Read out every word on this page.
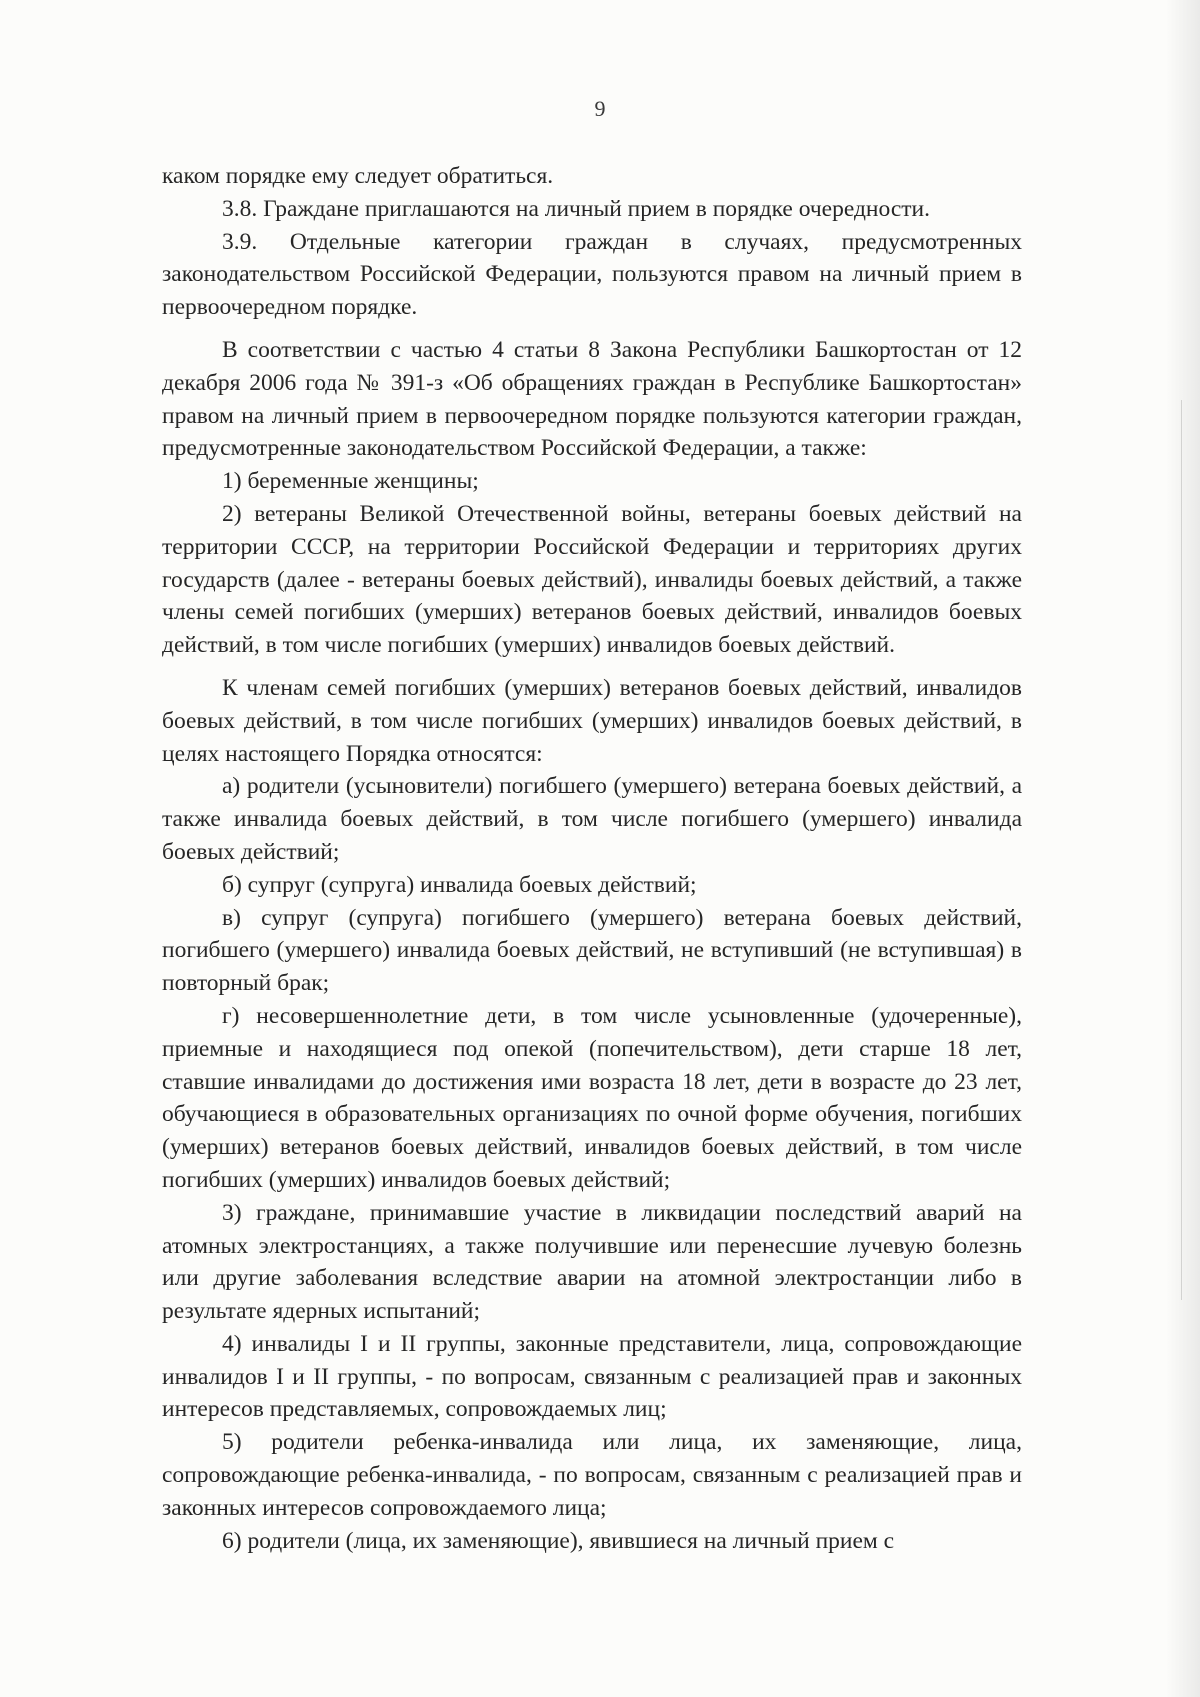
9

каком порядке ему следует обратиться.

3.8. Граждане приглашаются на личный прием в порядке очередности.

3.9. Отдельные категории граждан в случаях, предусмотренных законодательством Российской Федерации, пользуются правом на личный прием в первоочередном порядке.

В соответствии с частью 4 статьи 8 Закона Республики Башкортостан от 12 декабря 2006 года № 391-з «Об обращениях граждан в Республике Башкортостан» правом на личный прием в первоочередном порядке пользуются категории граждан, предусмотренные законодательством Российской Федерации, а также:

1) беременные женщины;

2) ветераны Великой Отечественной войны, ветераны боевых действий на территории СССР, на территории Российской Федерации и территориях других государств (далее - ветераны боевых действий), инвалиды боевых действий, а также члены семей погибших (умерших) ветеранов боевых действий, инвалидов боевых действий, в том числе погибших (умерших) инвалидов боевых действий.

К членам семей погибших (умерших) ветеранов боевых действий, инвалидов боевых действий, в том числе погибших (умерших) инвалидов боевых действий, в целях настоящего Порядка относятся:

а) родители (усыновители) погибшего (умершего) ветерана боевых действий, а также инвалида боевых действий, в том числе погибшего (умершего) инвалида боевых действий;

б) супруг (супруга) инвалида боевых действий;

в) супруг (супруга) погибшего (умершего) ветерана боевых действий, погибшего (умершего) инвалида боевых действий, не вступивший (не вступившая) в повторный брак;

г) несовершеннолетние дети, в том числе усыновленные (удочеренные), приемные и находящиеся под опекой (попечительством), дети старше 18 лет, ставшие инвалидами до достижения ими возраста 18 лет, дети в возрасте до 23 лет, обучающиеся в образовательных организациях по очной форме обучения, погибших (умерших) ветеранов боевых действий, инвалидов боевых действий, в том числе погибших (умерших) инвалидов боевых действий;

3) граждане, принимавшие участие в ликвидации последствий аварий на атомных электростанциях, а также получившие или перенесшие лучевую болезнь или другие заболевания вследствие аварии на атомной электростанции либо в результате ядерных испытаний;

4) инвалиды I и II группы, законные представители, лица, сопровождающие инвалидов I и II группы, - по вопросам, связанным с реализацией прав и законных интересов представляемых, сопровождаемых лиц;

5) родители ребенка-инвалида или лица, их заменяющие, лица, сопровождающие ребенка-инвалида, - по вопросам, связанным с реализацией прав и законных интересов сопровождаемого лица;

6) родители (лица, их заменяющие), явившиеся на личный прием с
